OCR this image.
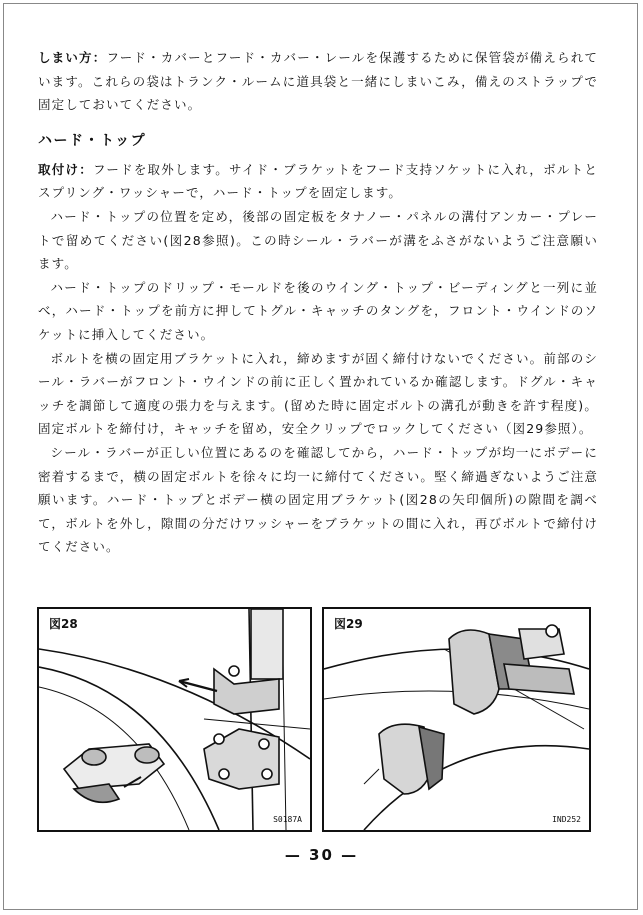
しまい方：フード・カバーとフード・カバー・レールを保護するために保管袋が備えられています。これらの袋はトランク・ルームに道具袋と一緒にしまいこみ，備えのストラップで固定しておいてください。

ハード・トップ

取付け：フードを取外します。サイド・ブラケットをフード支持ソケットに入れ，ボルトとスプリング・ワッシャーで，ハード・トップを固定します。

ハード・トップの位置を定め，後部の固定板をタナノー・パネルの溝付アンカー・プレートで留めてください(図28参照)。この時シール・ラバーが溝をふさがないようご注意願います。

ハード・トップのドリップ・モールドを後のウイング・トップ・ビーディングと一列に並べ，ハード・トップを前方に押してトグル・キャッチのタングを，フロント・ウインドのソケットに挿入してください。

ボルトを横の固定用ブラケットに入れ，締めますが固く締付けないでください。前部のシール・ラバーがフロント・ウインドの前に正しく置かれているか確認します。ドグル・キャッチを調節して適度の張力を与えます。(留めた時に固定ボルトの溝孔が動きを許す程度)。固定ボルトを締付け，キャッチを留め，安全クリップでロックしてください（図29参照）。

シール・ラバーが正しい位置にあるのを確認してから，ハード・トップが均一にボデーに密着するまで，横の固定ボルトを徐々に均一に締付てください。堅く締過ぎないようご注意願います。ハード・トップとボデー横の固定用ブラケット(図28の矢印個所)の隙間を調べて，ボルトを外し，隙間の分だけワッシャーをブラケットの間に入れ，再びボルトで締付けてください。

図28
S0187A
図29
IND252
— 30 —
